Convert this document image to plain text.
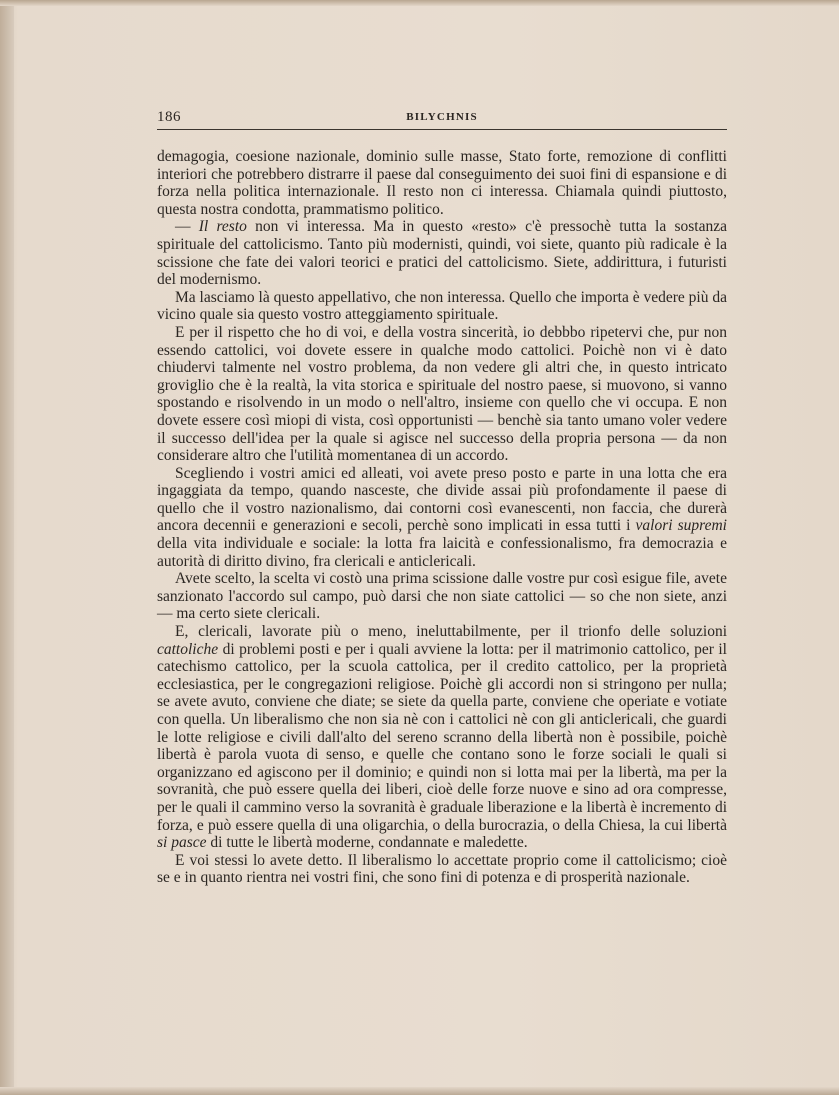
186	BILYCHNIS

demagogia, coesione nazionale, dominio sulle masse, Stato forte, remozione di conflitti interiori che potrebbero distrarre il paese dal conseguimento dei suoi fini di espansione e di forza nella politica internazionale. Il resto non ci interessa. Chiamala quindi piuttosto, questa nostra condotta, prammatismo politico.

— Il resto non vi interessa. Ma in questo «resto» c'è pressochè tutta la sostanza spirituale del cattolicismo. Tanto più modernisti, quindi, voi siete, quanto più radicale è la scissione che fate dei valori teorici e pratici del cattolicismo. Siete, addirittura, i futuristi del modernismo.

Ma lasciamo là questo appellativo, che non interessa. Quello che importa è vedere più da vicino quale sia questo vostro atteggiamento spirituale.

E per il rispetto che ho di voi, e della vostra sincerità, io debbbo ripetervi che, pur non essendo cattolici, voi dovete essere in qualche modo cattolici. Poichè non vi è dato chiudervi talmente nel vostro problema, da non vedere gli altri che, in questo intricato groviglio che è la realtà, la vita storica e spirituale del nostro paese, si muovono, si vanno spostando e risolvendo in un modo o nell'altro, insieme con quello che vi occupa. E non dovete essere così miopi di vista, così opportunisti — benchè sia tanto umano voler vedere il successo dell'idea per la quale si agisce nel successo della propria persona — da non considerare altro che l'utilità momentanea di un accordo.

Scegliendo i vostri amici ed alleati, voi avete preso posto e parte in una lotta che era ingaggiata da tempo, quando nasceste, che divide assai più profondamente il paese di quello che il vostro nazionalismo, dai contorni così evanescenti, non faccia, che durerà ancora decennii e generazioni e secoli, perchè sono implicati in essa tutti i valori supremi della vita individuale e sociale: la lotta fra laicità e confessionalismo, fra democrazia e autorità di diritto divino, fra clericali e anticlericali.

Avete scelto, la scelta vi costò una prima scissione dalle vostre pur così esigue file, avete sanzionato l'accordo sul campo, può darsi che non siate cattolici — so che non siete, anzi — ma certo siete clericali.

E, clericali, lavorate più o meno, ineluttabilmente, per il trionfo delle soluzioni cattoliche di problemi posti e per i quali avviene la lotta: per il matrimonio cattolico, per il catechismo cattolico, per la scuola cattolica, per il credito cattolico, per la proprietà ecclesiastica, per le congregazioni religiose. Poichè gli accordi non si stringono per nulla; se avete avuto, conviene che diate; se siete da quella parte, conviene che operiate e votiate con quella. Un liberalismo che non sia nè con i cattolici nè con gli anticlericali, che guardi le lotte religiose e civili dall'alto del sereno scranno della libertà non è possibile, poichè libertà è parola vuota di senso, e quelle che contano sono le forze sociali le quali si organizzano ed agiscono per il dominio; e quindi non si lotta mai per la libertà, ma per la sovranità, che può essere quella dei liberi, cioè delle forze nuove e sino ad ora compresse, per le quali il cammino verso la sovranità è graduale liberazione e la libertà è incremento di forza, e può essere quella di una oligarchia, o della burocrazia, o della Chiesa, la cui libertà si pasce di tutte le libertà moderne, condannate e maledette.

E voi stessi lo avete detto. Il liberalismo lo accettate proprio come il cattolicismo; cioè se e in quanto rientra nei vostri fini, che sono fini di potenza e di prosperità nazionale.
